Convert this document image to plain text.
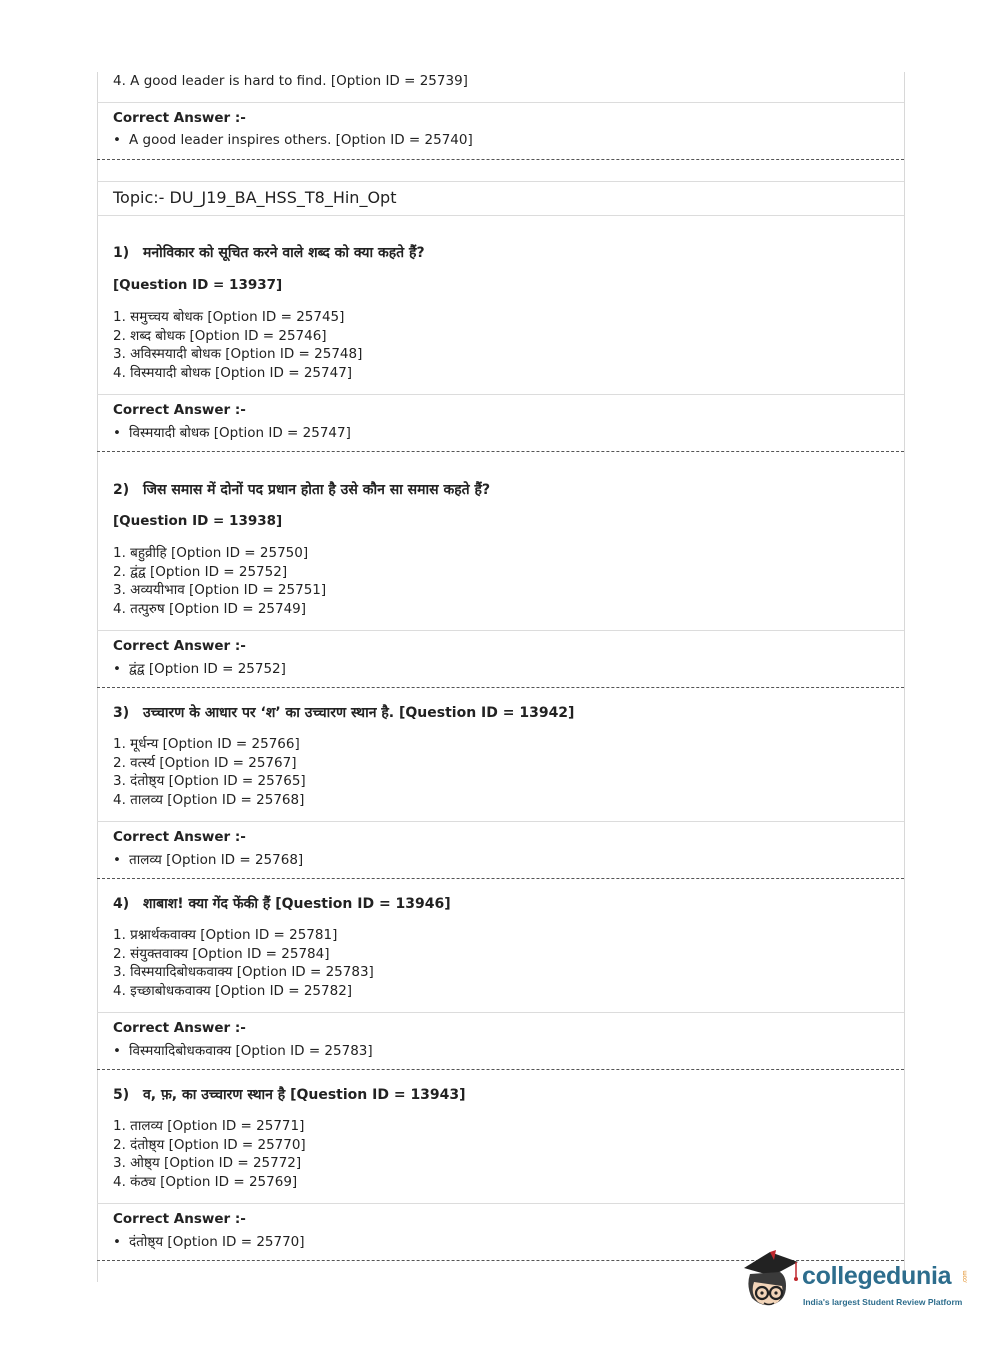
4. A good leader is hard to find. [Option ID = 25739]
Correct Answer :-
• A good leader inspires others. [Option ID = 25740]
Topic:- DU_J19_BA_HSS_T8_Hin_Opt
1) मनोविकार को सूचित करने वाले शब्द को क्या कहते हैं?
[Question ID = 13937]
1. समुच्चय बोधक [Option ID = 25745]
2. शब्द बोधक [Option ID = 25746]
3. अविस्मयादी बोधक [Option ID = 25748]
4. विस्मयादी बोधक [Option ID = 25747]
Correct Answer :-
• विस्मयादी बोधक [Option ID = 25747]
2) जिस समास में दोनों पद प्रधान होता है उसे कौन सा समास कहते हैं?
[Question ID = 13938]
1. बहुव्रीहि [Option ID = 25750]
2. द्वंद्व [Option ID = 25752]
3. अव्ययीभाव [Option ID = 25751]
4. तत्पुरुष [Option ID = 25749]
Correct Answer :-
• द्वंद्व [Option ID = 25752]
3) उच्चारण के आधार पर ‘श’ का उच्चारण स्थान है. [Question ID = 13942]
1. मूर्धन्य [Option ID = 25766]
2. वर्त्स्य [Option ID = 25767]
3. दंतोष्ठ्य [Option ID = 25765]
4. तालव्य [Option ID = 25768]
Correct Answer :-
• तालव्य [Option ID = 25768]
4) शाबाश! क्या गेंद फेंकी हैं [Question ID = 13946]
1. प्रश्नार्थकवाक्य [Option ID = 25781]
2. संयुक्तवाक्य [Option ID = 25784]
3. विस्मयादिबोधकवाक्य [Option ID = 25783]
4. इच्छाबोधकवाक्य [Option ID = 25782]
Correct Answer :-
• विस्मयादिबोधकवाक्य [Option ID = 25783]
5) व, फ़, का उच्चारण स्थान है [Question ID = 13943]
1. तालव्य [Option ID = 25771]
2. दंतोष्ठ्य [Option ID = 25770]
3. ओष्ठ्य [Option ID = 25772]
4. कंठ्य [Option ID = 25769]
Correct Answer :-
• दंतोष्ठ्य [Option ID = 25770]
collegedunia .com
India's largest Student Review Platform
